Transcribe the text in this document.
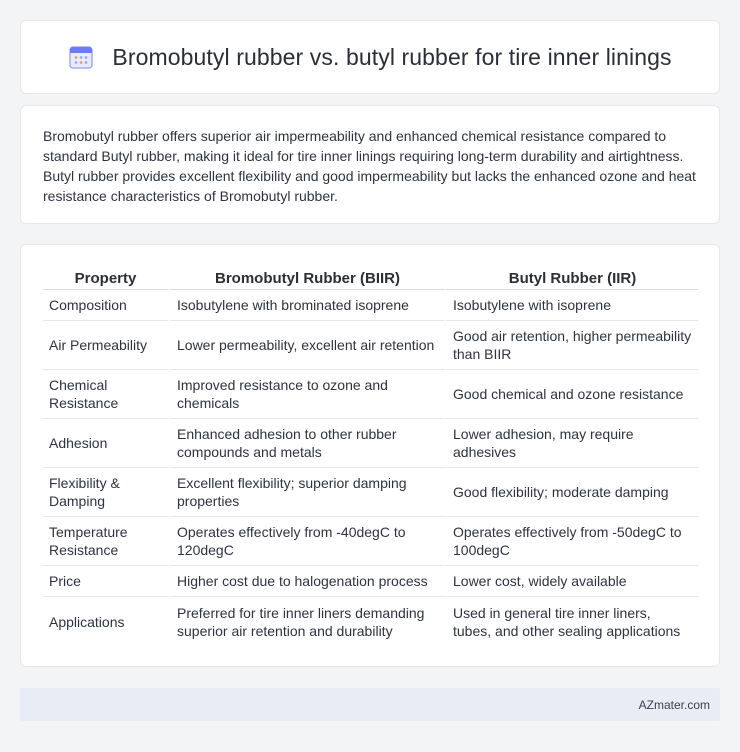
Bromobutyl rubber vs. butyl rubber for tire inner linings

Bromobutyl rubber offers superior air impermeability and enhanced chemical resistance compared to standard Butyl rubber, making it ideal for tire inner linings requiring long-term durability and airtightness. Butyl rubber provides excellent flexibility and good impermeability but lacks the enhanced ozone and heat resistance characteristics of Bromobutyl rubber.

Property	Bromobutyl Rubber (BIIR)	Butyl Rubber (IIR)
Composition	Isobutylene with brominated isoprene	Isobutylene with isoprene
Air Permeability	Lower permeability, excellent air retention	Good air retention, higher permeability than BIIR
Chemical Resistance	Improved resistance to ozone and chemicals	Good chemical and ozone resistance
Adhesion	Enhanced adhesion to other rubber compounds and metals	Lower adhesion, may require adhesives
Flexibility & Damping	Excellent flexibility; superior damping properties	Good flexibility; moderate damping
Temperature Resistance	Operates effectively from -40degC to 120degC	Operates effectively from -50degC to 100degC
Price	Higher cost due to halogenation process	Lower cost, widely available
Applications	Preferred for tire inner liners demanding superior air retention and durability	Used in general tire inner liners, tubes, and other sealing applications
AZmater.com
